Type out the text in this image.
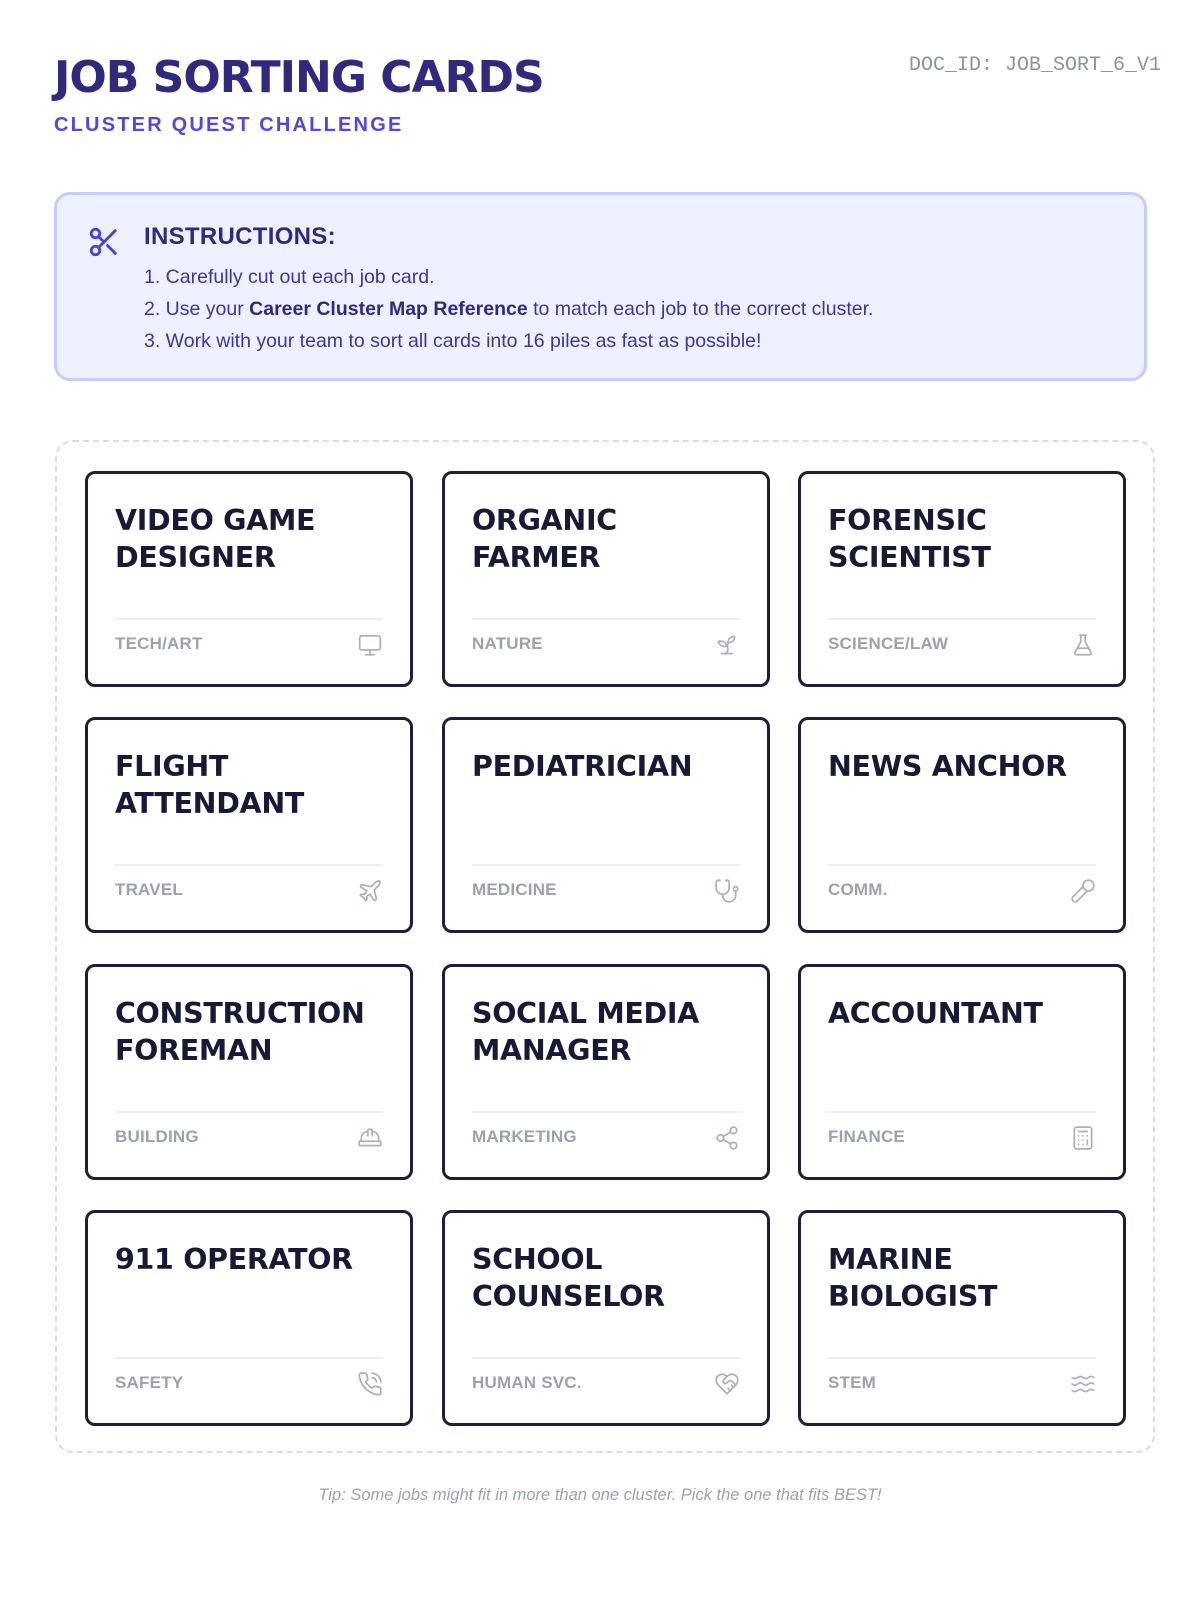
JOB SORTING CARDS
CLUSTER QUEST CHALLENGE
DOC_ID: JOB_SORT_6_V1
INSTRUCTIONS:
1. Carefully cut out each job card.
2. Use your Career Cluster Map Reference to match each job to the correct cluster.
3. Work with your team to sort all cards into 16 piles as fast as possible!
VIDEO GAME DESIGNER
TECH/ART
ORGANIC FARMER
NATURE
FORENSIC SCIENTIST
SCIENCE/LAW
FLIGHT ATTENDANT
TRAVEL
PEDIATRICIAN
MEDICINE
NEWS ANCHOR
COMM.
CONSTRUCTION FOREMAN
BUILDING
SOCIAL MEDIA MANAGER
MARKETING
ACCOUNTANT
FINANCE
911 OPERATOR
SAFETY
SCHOOL COUNSELOR
HUMAN SVC.
MARINE BIOLOGIST
STEM
Tip: Some jobs might fit in more than one cluster. Pick the one that fits BEST!
